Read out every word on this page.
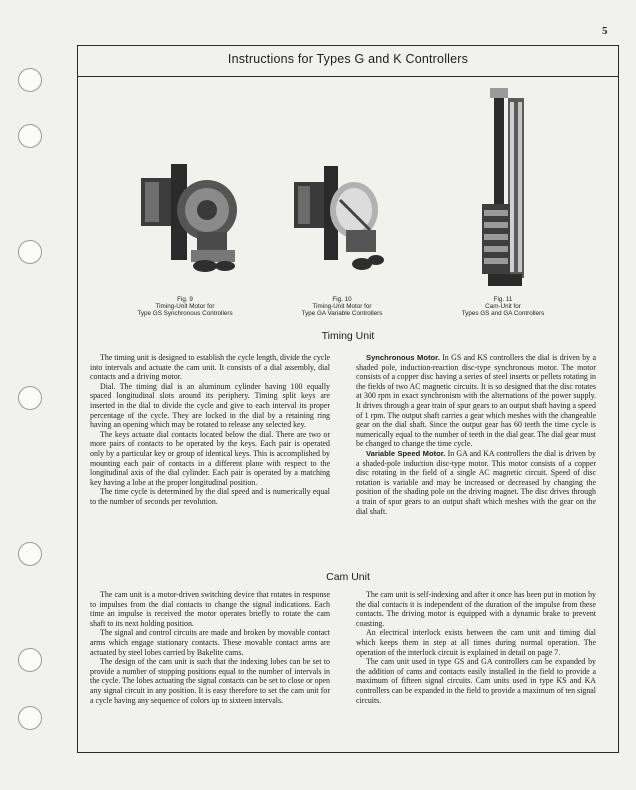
5
Instructions for Types G and K Controllers
Fig. 9
Timing-Unit Motor for
Type GS Synchronous Controllers
Fig. 10
Timing-Unit Motor for
Type GA Variable Controllers
Fig. 11
Cam-Unit for
Types GS and GA Controllers
Timing Unit

The timing unit is designed to establish the cycle length, divide the cycle into intervals and actuate the cam unit. It consists of a dial assembly, dial contacts and a driving motor.

Dial. The timing dial is an aluminum cylinder having 100 equally spaced longitudinal slots around its periphery. Timing split keys are inserted in the dial to divide the cycle and give to each interval its proper percentage of the cycle. They are locked in the dial by a retaining ring having an opening which may be rotated to release any selected key.

The keys actuate dial contacts located below the dial. There are two or more pairs of contacts to be operated by the keys. Each pair is operated only by a particular key or group of identical keys. This is accomplished by mounting each pair of contacts in a different plane with respect to the longitudinal axis of the dial cylinder. Each pair is operated by a matching key having a lobe at the proper longitudinal position.

The time cycle is determined by the dial speed and is numerically equal to the number of seconds per revolution.

Synchronous Motor. In GS and KS controllers the dial is driven by a shaded pole, induction-reaction disc-type synchronous motor. The motor consists of a copper disc having a series of steel inserts or pellets rotating in the fields of two AC magnetic circuits. It is so designed that the disc rotates at 300 rpm in exact synchronism with the alternations of the power supply. It drives through a gear train of spur gears to an output shaft having a speed of 1 rpm. The output shaft carries a gear which meshes with the changeable gear on the dial shaft. Since the output gear has 60 teeth the time cycle is numerically equal to the number of teeth in the dial gear. The dial gear must be changed to change the time cycle.

Variable Speed Motor. In GA and KA controllers the dial is driven by a shaded-pole induction disc-type motor. This motor consists of a copper disc rotating in the field of a single AC magnetic circuit. Speed of disc rotation is variable and may be increased or decreased by changing the position of the shading pole on the driving magnet. The disc drives through a train of spur gears to an output shaft which meshes with the gear on the dial shaft.

Cam Unit

The cam unit is a motor-driven switching device that rotates in response to impulses from the dial contacts to change the signal indications. Each time an impulse is received the motor operates briefly to rotate the cam shaft to its next holding position.

The signal and control circuits are made and broken by movable contact arms which engage stationary contacts. These movable contact arms are actuated by steel lobes carried by Bakelite cams.

The design of the cam unit is such that the indexing lobes can be set to provide a number of stopping positions equal to the number of intervals in the cycle. The lobes actuating the signal contacts can be set to close or open any signal circuit in any position. It is easy therefore to set the cam unit for a cycle having any sequence of colors up to sixteen intervals.

The cam unit is self-indexing and after it once has been put in motion by the dial contacts it is independent of the duration of the impulse from these contacts. The driving motor is equipped with a dynamic brake to prevent coasting.

An electrical interlock exists between the cam unit and timing dial which keeps them in step at all times during normal operation. The operation of the interlock circuit is explained in detail on page 7.

The cam unit used in type GS and GA controllers can be expanded by the addition of cams and contacts easily installed in the field to provide a maximum of fifteen signal circuits. Cam units used in type KS and KA controllers can be expanded in the field to provide a maximum of ten signal circuits.
